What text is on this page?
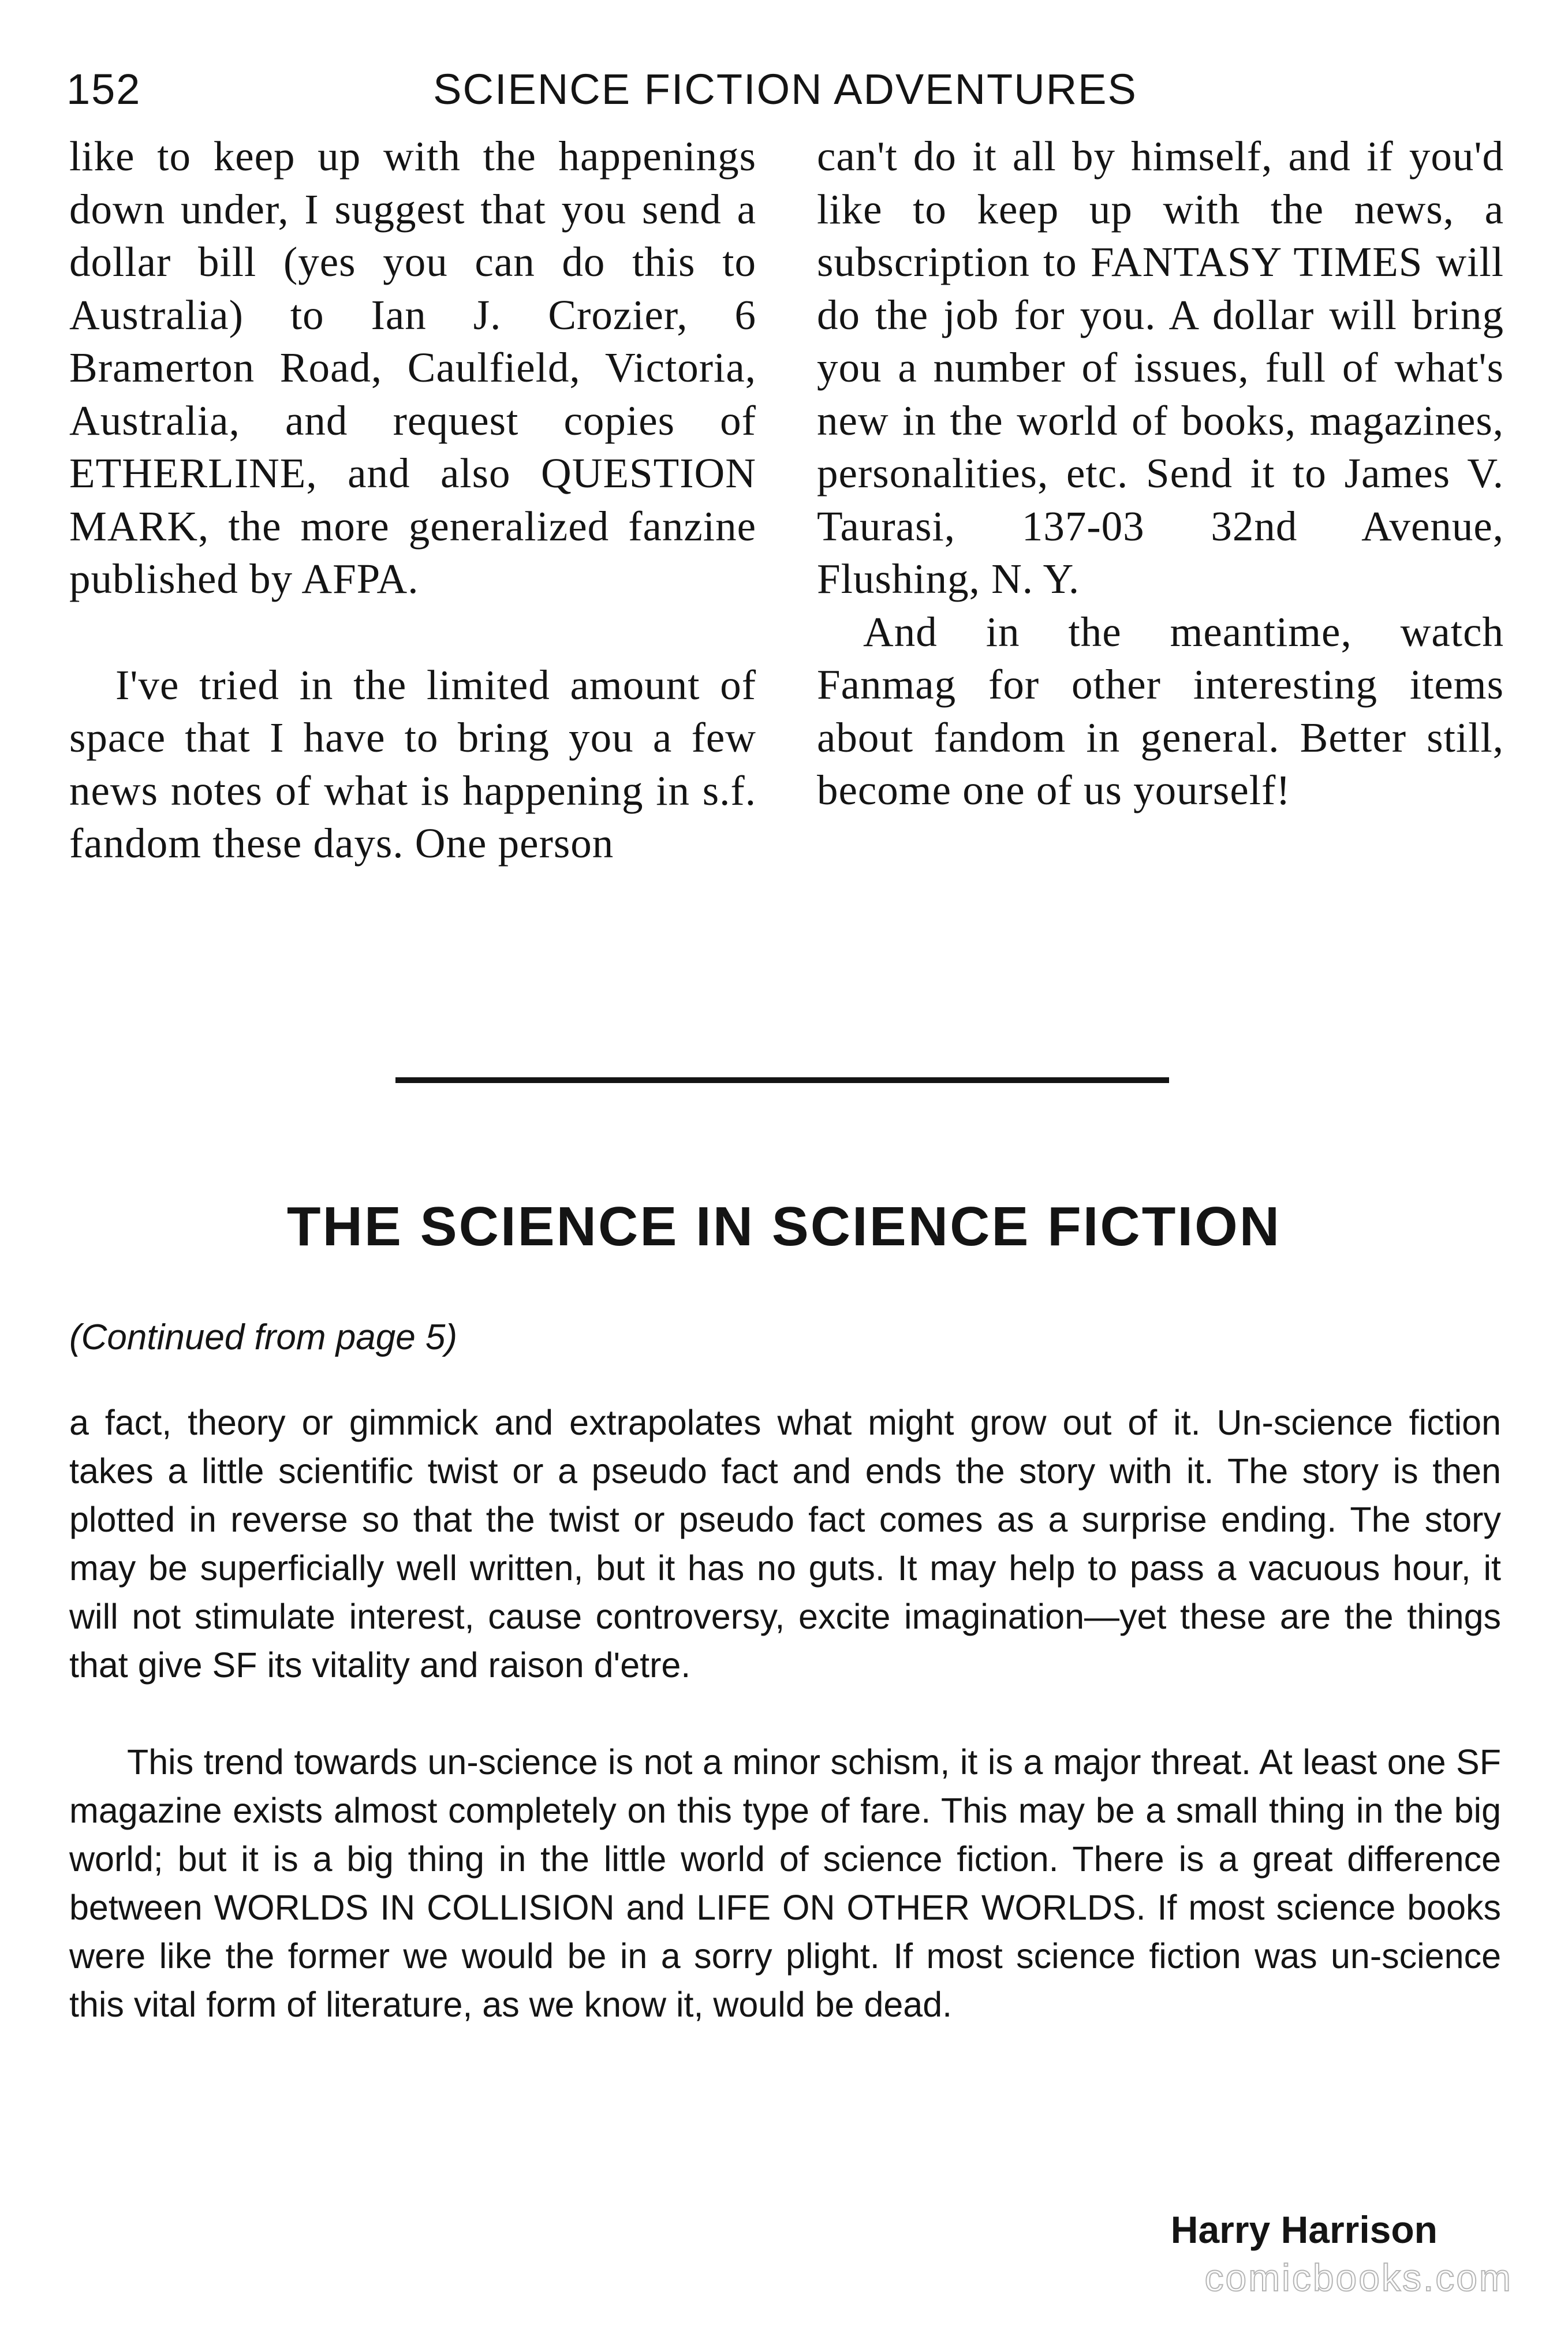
152	SCIENCE FICTION ADVENTURES

like to keep up with the happenings down under, I suggest that you send a dollar bill (yes you can do this to Australia) to Ian J. Crozier, 6 Bramerton Road, Caulfield, Victoria, Australia, and request copies of ETHERLINE, and also QUESTION MARK, the more generalized fanzine published by AFPA.

I've tried in the limited amount of space that I have to bring you a few news notes of what is happening in s.f. fandom these days. One person

can't do it all by himself, and if you'd like to keep up with the news, a subscription to FANTASY TIMES will do the job for you. A dollar will bring you a number of issues, full of what's new in the world of books, magazines, personalities, etc. Send it to James V. Taurasi, 137-03 32nd Avenue, Flushing, N. Y.

And in the meantime, watch Fanmag for other interesting items about fandom in general. Better still, become one of us yourself!

THE SCIENCE IN SCIENCE FICTION
(Continued from page 5)

a fact, theory or gimmick and extrapolates what might grow out of it. Un-science fiction takes a little scientific twist or a pseudo fact and ends the story with it. The story is then plotted in reverse so that the twist or pseudo fact comes as a surprise ending. The story may be superficially well written, but it has no guts. It may help to pass a vacuous hour, it will not stimulate interest, cause controversy, excite imagination—yet these are the things that give SF its vitality and raison d'etre.

This trend towards un-science is not a minor schism, it is a major threat. At least one SF magazine exists almost completely on this type of fare. This may be a small thing in the big world; but it is a big thing in the little world of science fiction. There is a great difference between WORLDS IN COLLISION and LIFE ON OTHER WORLDS. If most science books were like the former we would be in a sorry plight. If most science fiction was un-science this vital form of literature, as we know it, would be dead.

Harry Harrison
comicbooks.com
